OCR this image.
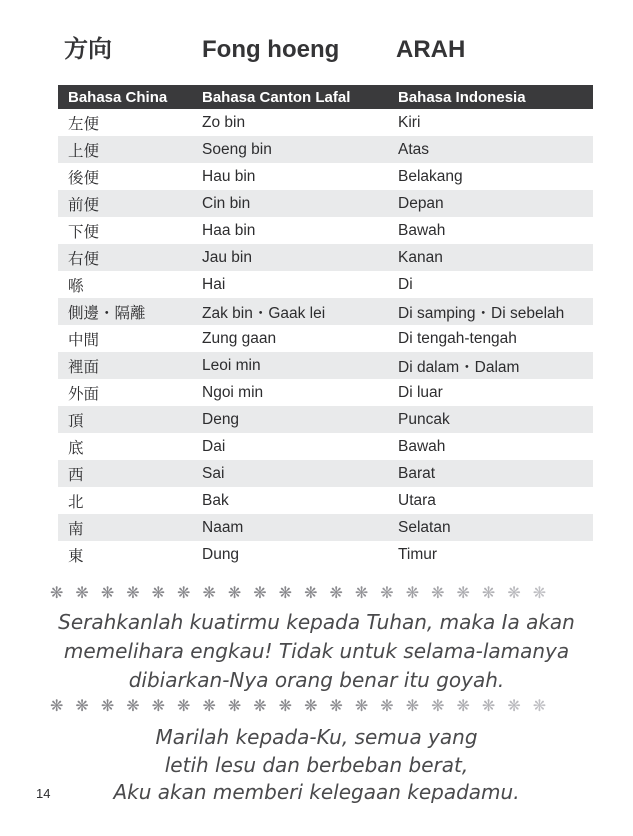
方向	Fong hoeng ARAH
Bahasa China	Bahasa Canton Lafal	Bahasa Indonesia
左便	Zo bin	Kiri
上便	Soeng bin	Atas
後便	Hau bin	Belakang
前便	Cin bin	Depan
下便	Haa bin	Bawah
右便	Jau bin	Kanan
喺	Hai	Di
側邊・隔離	Zak bin・Gaak lei	Di samping・Di sebelah
中間	Zung gaan	Di tengah-tengah
裡面	Leoi min	Di dalam・Dalam
外面	Ngoi min	Di luar
頂	Deng	Puncak
底	Dai	Bawah
西	Sai	Barat
北	Bak	Utara
南	Naam	Selatan
東	Dung	Timur
❋❋❋❋❋❋❋❋❋❋❋❋❋❋❋❋❋❋❋❋
Serahkanlah kuatirmu kepada Tuhan, maka Ia akan
memelihara engkau! Tidak untuk selama-lamanya
dibiarkan-Nya orang benar itu goyah.
❋❋❋❋❋❋❋❋❋❋❋❋❋❋❋❋❋❋❋❋
Marilah kepada-Ku, semua yang
letih lesu dan berbeban berat,
Aku akan memberi kelegaan kepadamu.
14
